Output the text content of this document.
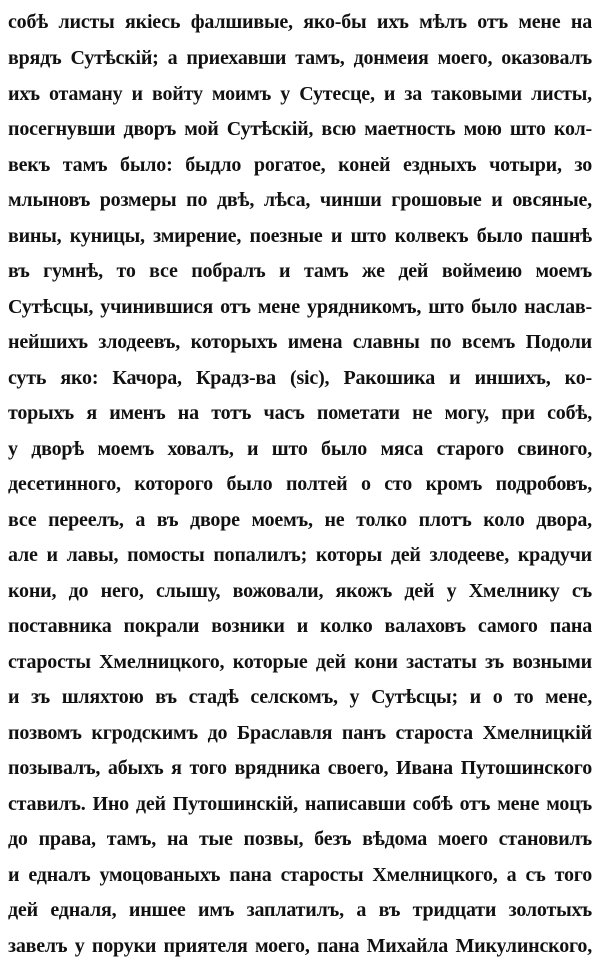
собѣ листы якiесь фалшивые, яко-бы ихъ мѣлъ отъ мене на
врядъ Сутѣскiй; а приехавши тамъ, донмеия моего, оказовалъ
ихъ отаману и войту моимъ у Сутесце, и за таковыми листы,
посегнувши дворъ мой Сутѣскiй, всю маетность мою што кол-
векъ тамъ было: быдло рогатое, коней ездныхъ чотыри, зо
млыновъ розмеры по двѣ, лѣса, чинши грошовые и овсяные,
вины, куницы, змирение, поезные и што колвекъ было пашнѣ
въ гумнѣ, то все побралъ и тамъ же дей воймеию моемъ
Сутѣсцы, учинившися отъ мене урядникомъ, што было наслав-
нейшихъ злодеевъ, которыхъ имена славны по всемъ Подоли
суть яко: Качора, Крадз-ва (sic), Ракошика и иншихъ, ко-
торыхъ я именъ на тотъ часъ пометати не могу, при собѣ,
у дворѣ моемъ ховалъ, и што было мяса старого свиного,
десетинного, которого было полтей о сто кромъ подробовъ,
все переелъ, а въ дворе моемъ, не толко плотъ коло двора,
але и лавы, помосты попалилъ; которы дей злодеевe, крадучи
кони, до него, слышу, вожовали, якожъ дей у Хмелнику съ
поставника покрали возники и колко валаховъ самого пана
старосты Хмелницкого, которые дей кони застаты зъ возными
и зъ шляхтою въ стадѣ селскомъ, у Сутѣсцы; и о то мене,
позвомъ кгродскимъ до Браславля панъ староста Хмелницкiй
позывалъ, абыхъ я того врядника своего, Ивана Путошинского
ставилъ. Ино дей Путошинскiй, написавши собѣ отъ мене моцъ
до права, тамъ, на тые позвы, безъ вѣдома моего становилъ
и едналъ умоцованыхъ пана старосты Хмелницкого, а съ того
дей едналя, иншее имъ заплатилъ, а въ тридцати золотыхъ
завелъ у поруки приятеля моего, пана Михайла Микулинского,
